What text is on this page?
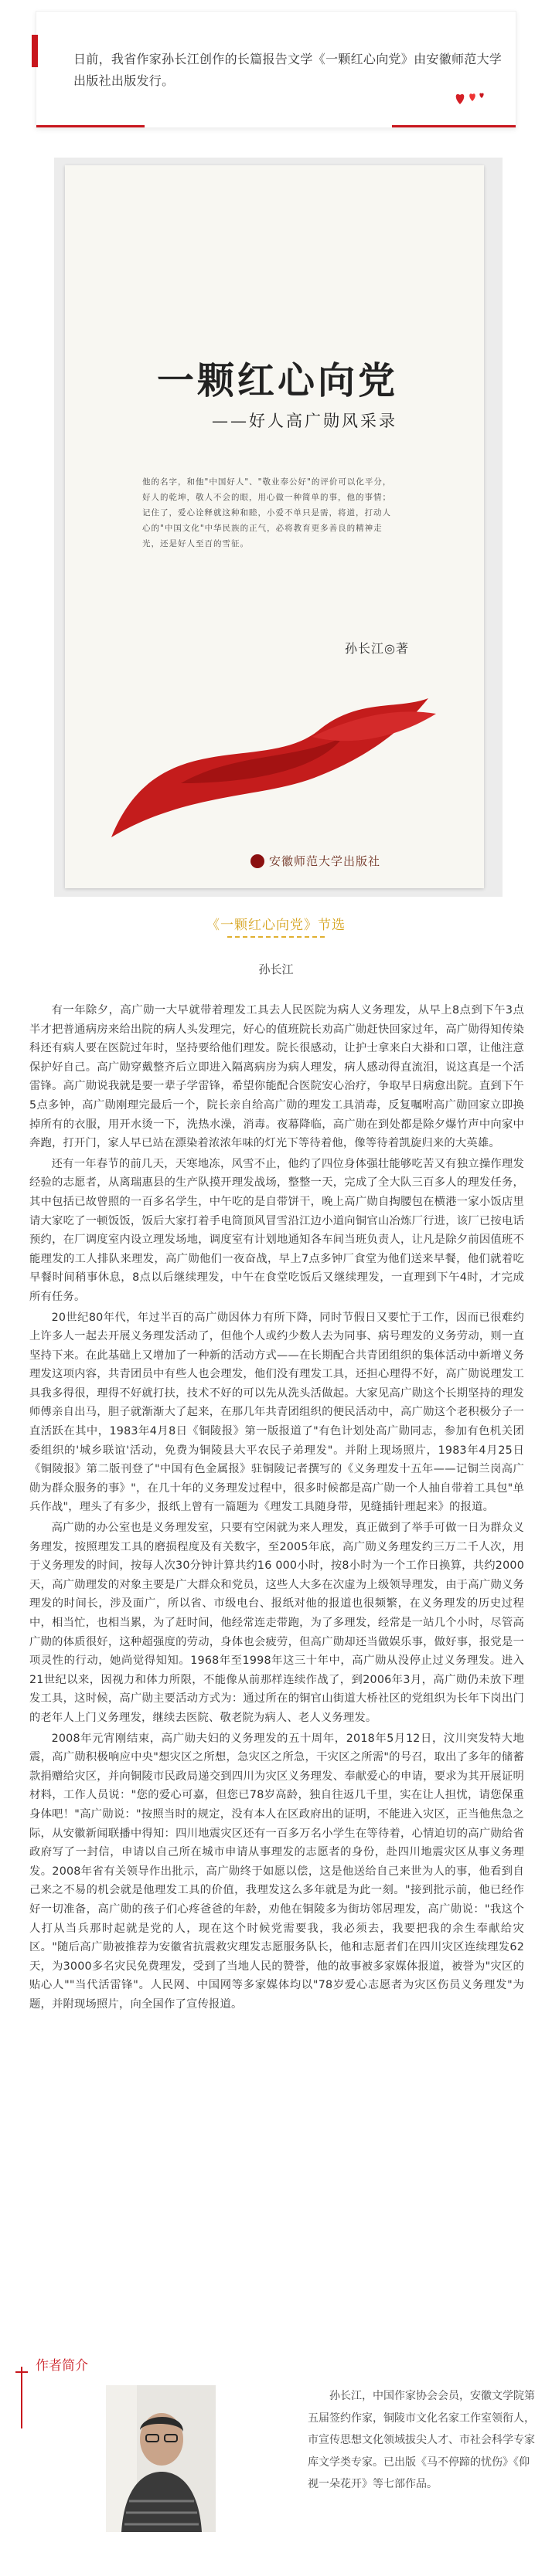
日前，我省作家孙长江创作的长篇报告文学《一颗红心向党》由安徽师范大学出版社出版发行。
一颗红心向党
——好人高广勋风采录
他的名字，和他"中国好人"、"敬业奉公好"的评价可以化平分，好人的乾坤，敬人不会的眼，用心做一种简单的事，他的事情；记住了，爱心诠释就这种和睦，小爱不单只是需，将道，打动人心的"中国文化"中华民族的正气，必将教育更多善良的精神走光，还是好人至百的雪征。
孙长江◎著
安徽师范大学出版社
《一颗红心向党》节选
孙长江

有一年除夕，高广勋一大早就带着理发工具去人民医院为病人义务理发，从早上8点到下午3点半才把普通病房来给出院的病人头发理完，好心的值班院长劝高广勋赶快回家过年，高广勋得知传染科还有病人要在医院过年时，坚持要给他们理发。院长很感动，让护士拿来白大褂和口罩，让他注意保护好自己。高广勋穿戴整齐后立即进入隔离病房为病人理发，病人感动得直流泪，说这真是一个活雷锋。高广勋说我就是要一辈子学雷锋，希望你能配合医院安心治疗，争取早日病愈出院。直到下午5点多钟，高广勋刚理完最后一个，院长亲自给高广勋的理发工具消毒，反复嘱咐高广勋回家立即换掉所有的衣服，用开水烫一下，洗热水澡，消毒。夜幕降临，高广勋在到处都是除夕爆竹声中向家中奔跑，打开门，家人早已站在漂染着浓浓年味的灯光下等待着他，像等待着凯旋归来的大英雄。

还有一年春节的前几天，天寒地冻，风雪不止，他约了四位身体强壮能够吃苦又有独立操作理发经验的志愿者，从离瑞惠县的生产队摸开理发战场，整整一天，完成了全大队三百多人的理发任务，其中包括已故曾照的一百多名学生，中午吃的是自带饼干，晚上高广勋自掏腰包在横港一家小饭店里请大家吃了一顿饭饭，饭后大家打着手电筒顶风冒雪沿江边小道向铜官山冶炼厂行进，该厂已按电话预约，在厂调度室内设立理发场地，调度室有计划地通知各车间当班负责人，让凡是除夕前因值班不能理发的工人排队来理发，高广勋他们一夜奋战，早上7点多钟厂食堂为他们送来早餐，他们就着吃早餐时间稍事休息，8点以后继续理发，中午在食堂吃饭后又继续理发，一直理到下午4时，才完成所有任务。

20世纪80年代，年过半百的高广勋因体力有所下降，同时节假日又要忙于工作，因而已很难约上许多人一起去开展义务理发活动了，但他个人或约少数人去为同事、病号理发的义务劳动，则一直坚持下来。在此基础上又增加了一种新的活动方式——在长期配合共青团组织的集体活动中新增义务理发这项内容，共青团员中有些人也会理发，他们没有理发工具，还担心理得不好，高广勋说理发工具我多得很，理得不好就打扶，技术不好的可以先从洗头活做起。大家见高广勋这个长期坚持的理发师傅亲自出马，胆子就渐渐大了起来，在那几年共青团组织的便民活动中，高广勋这个老积极分子一直活跃在其中，1983年4月8日《铜陵报》第一版报道了"有色计划处高广勋同志，参加有色机关团委组织的'城乡联谊'活动，免费为铜陵县大平农民子弟理发"。并附上现场照片，1983年4月25日《铜陵报》第二版刊登了"中国有色金属报》驻铜陵记者撰写的《义务理发十五年——记铜兰岗高广勋为群众服务的事》"，在几十年的义务理发过程中，很多时候都是高广勋一个人抽自带着工具包"单兵作战"，理头了有多少，报纸上曾有一篇题为《理发工具随身带，见缝插针理起来》的报道。

高广勋的办公室也是义务理发室，只要有空闲就为来人理发，真正做到了举手可做一日为群众义务理发，按照理发工具的磨损程度及有关数字，至2005年底，高广勋义务理发约三万二千人次，用于义务理发的时间，按每人次30分钟计算共约16 000小时，按8小时为一个工作日换算，共约2000天，高广勋理发的对象主要是广大群众和党员，这些人大多在次虚为上级领导理发，由于高广勋义务理发的时间长，涉及面广，所以省、市级电台、报纸对他的报道也很频繁，在义务理发的历史过程中，相当忙，也相当累，为了赶时间，他经常连走带跑，为了多理发，经常是一站几个小时，尽管高广勋的体质很好，这种超强度的劳动，身体也会疲劳，但高广勋却还当做娱乐事，做好事，报党是一项灵性的行动，她尚觉得知知。1968年至1998年这三十年中，高广勋从没停止过义务理发。进入21世纪以来，因视力和体力所限，不能像从前那样连续作战了，到2006年3月，高广勋仍未放下理发工具，这时候，高广勋主要活动方式为：通过所在的铜官山街道大桥社区的党组织为长年下岗出门的老年人上门义务理发，继续去医院、敬老院为病人、老人义务理发。

2008年元宵刚结束，高广勋夫妇的义务理发的五十周年，2018年5月12日，汶川突发特大地震，高广勋积极响应中央"想灾区之所想，急灾区之所急，干灾区之所需"的号召，取出了多年的储蓄款捐赠给灾区，并向铜陵市民政局递交到四川为灾区义务理发、奉献爱心的申请，要求为其开展证明材料，工作人员说："您的爱心可嘉，但您已78岁高龄，独自往返几千里，实在让人担忧，请您保重身体吧！"高广勋说："按照当时的规定，没有本人在区政府出的证明，不能进入灾区，正当他焦急之际，从安徽新闻联播中得知：四川地震灾区还有一百多万名小学生在等待着，心情迫切的高广勋给省政府写了一封信，申请以自己所在城市申请从事理发的志愿者的身份，赴四川地震灾区从事义务理发。2008年省有关领导作出批示，高广勋终于如愿以偿，这是他送给自己来世为人的事，他看到自己来之不易的机会就是他理发工具的价值，我理发这么多年就是为此一刻。"接到批示前，他已经作好一切准备，高广勋的孩子们心疼爸爸的年龄，劝他在铜陵多为街坊邻居理发，高广勋说："我这个人打从当兵那时起就是党的人，现在这个时候党需要我，我必须去，我要把我的余生奉献给灾区。"随后高广勋被推荐为安徽省抗震救灾理发志愿服务队长，他和志愿者们在四川灾区连续理发62天，为3000多名灾民免费理发，受到了当地人民的赞誉，他的故事被多家媒体报道，被誉为"灾区的贴心人""当代活雷锋"。人民网、中国网等多家媒体均以"78岁爱心志愿者为灾区伤员义务理发"为题，并附现场照片，向全国作了宣传报道。

作者简介
孙长江，中国作家协会会员，安徽文学院第五届签约作家，铜陵市文化名家工作室领衔人，市宣传思想文化领域拔尖人才、市社会科学专家库文学类专家。已出版《马不停蹄的忧伤》《仰视一朵花开》等七部作品。
